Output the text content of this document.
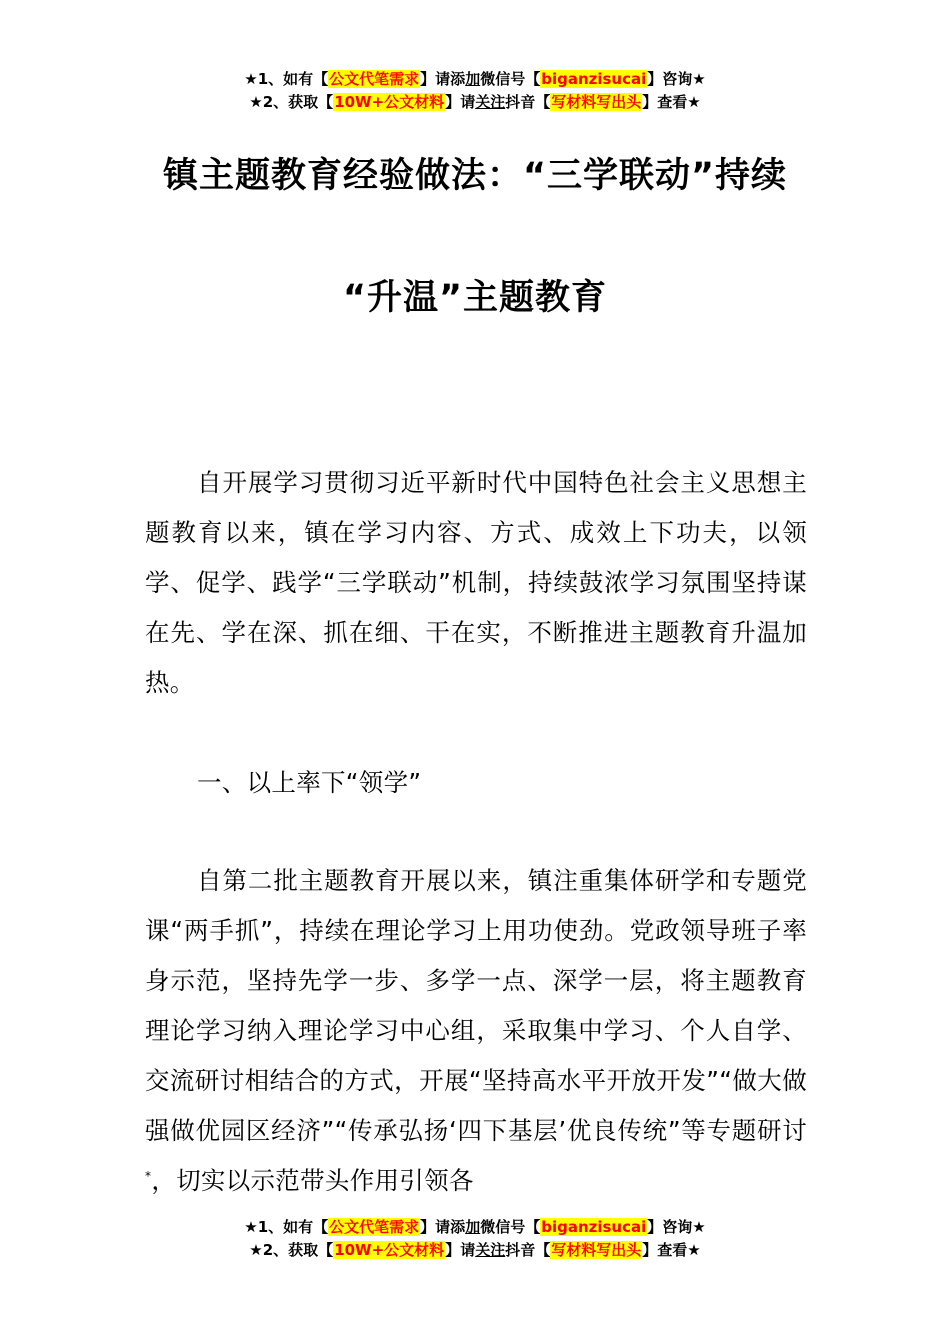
★1、如有【公文代笔需求】请添加微信号【biganzisucai】咨询★
★2、获取【10W+公文材料】请关注抖音【写材料写出头】查看★
镇主题教育经验做法：“三学联动”持续
“升温”主题教育
自开展学习贯彻习近平新时代中国特色社会主义思想主题教育以来，镇在学习内容、方式、成效上下功夫，以领学、促学、践学“三学联动”机制，持续鼓浓学习氛围坚持谋在先、学在深、抓在细、干在实，不断推进主题教育升温加热。
一、以上率下“领学”
自第二批主题教育开展以来，镇注重集体研学和专题党课“两手抓”，持续在理论学习上用功使劲。党政领导班子率身示范，坚持先学一步、多学一点、深学一层，将主题教育理论学习纳入理论学习中心组，采取集中学习、个人自学、交流研讨相结合的方式，开展“坚持高水平开放开发”“做大做强做优园区经济”“传承弘扬‘四下基层’优良传统”等专题研讨*，切实以示范带头作用引领各
★1、如有【公文代笔需求】请添加微信号【biganzisucai】咨询★
★2、获取【10W+公文材料】请关注抖音【写材料写出头】查看★
